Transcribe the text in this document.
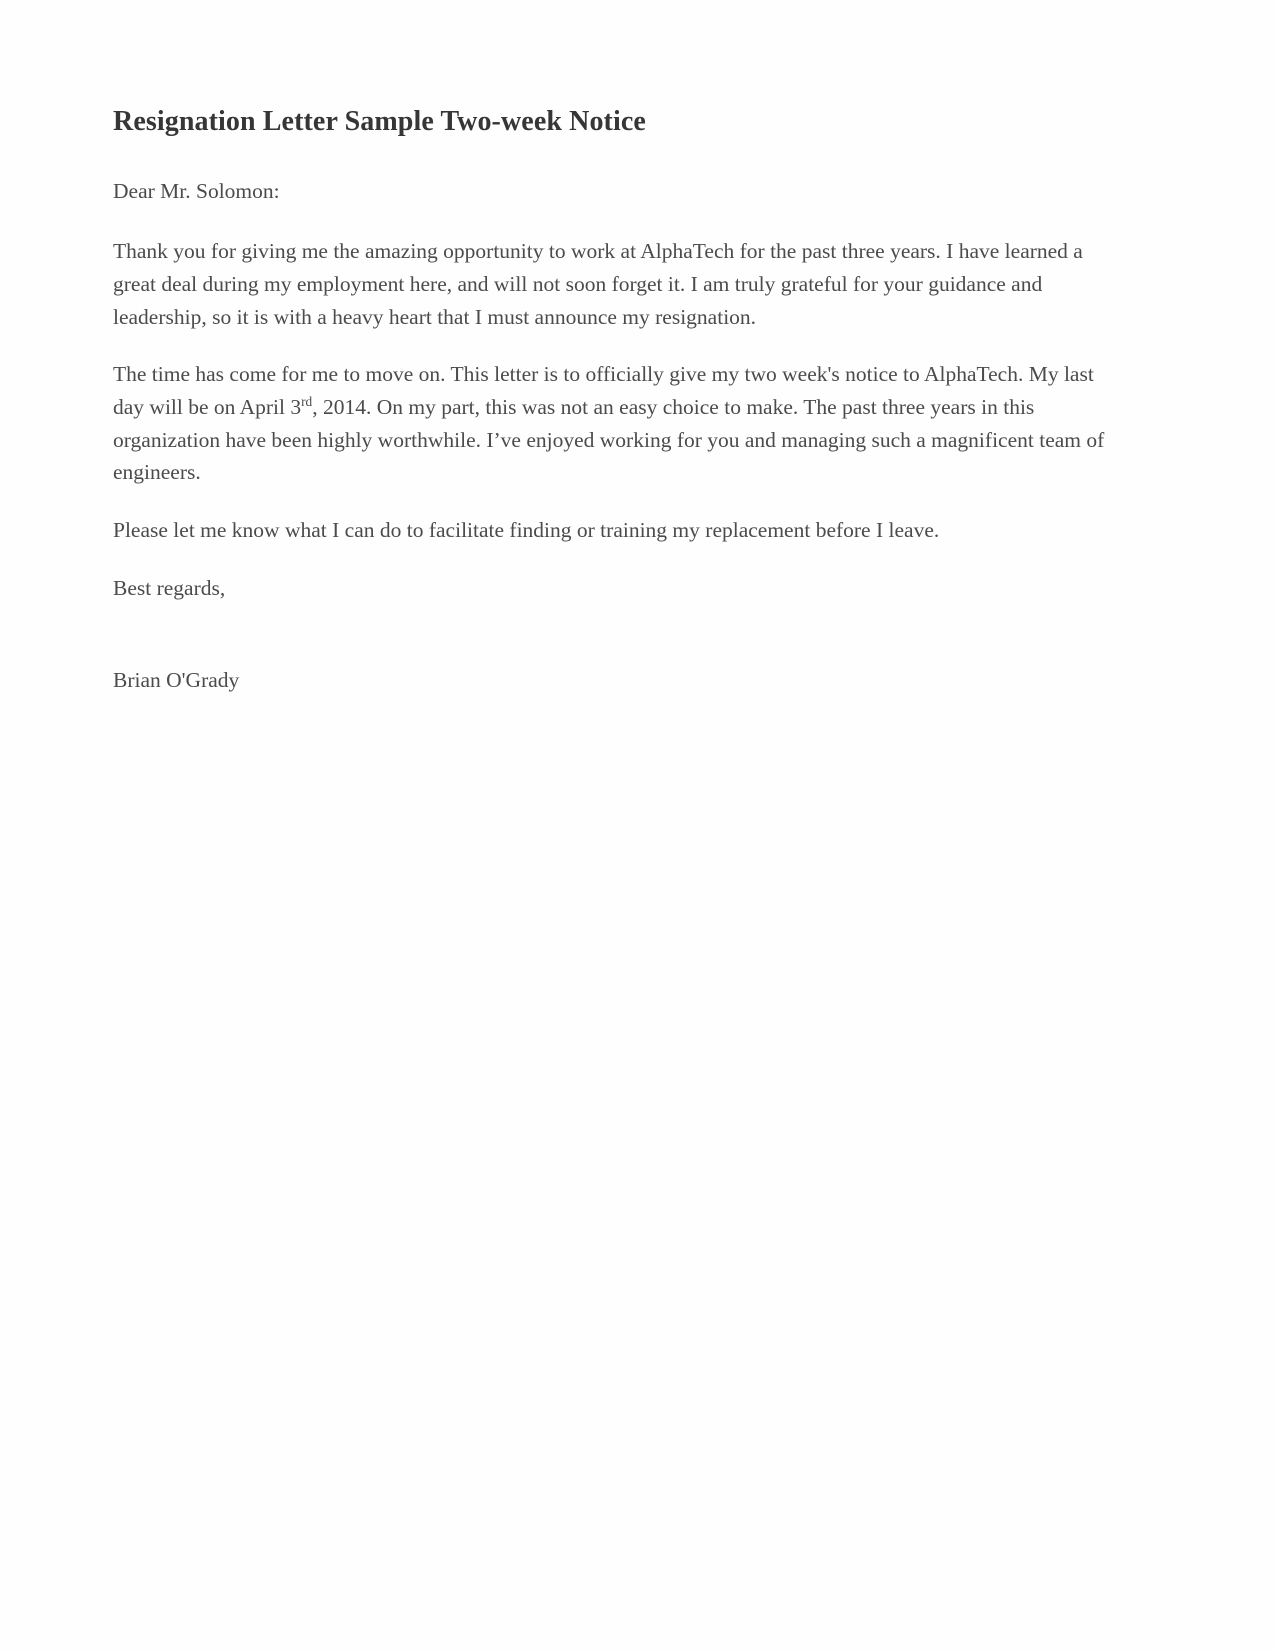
Resignation Letter Sample Two-week Notice

Dear Mr. Solomon:

Thank you for giving me the amazing opportunity to work at AlphaTech for the past three years. I have learned a great deal during my employment here, and will not soon forget it. I am truly grateful for your guidance and leadership, so it is with a heavy heart that I must announce my resignation.

The time has come for me to move on. This letter is to officially give my two week's notice to AlphaTech. My last day will be on April 3rd, 2014. On my part, this was not an easy choice to make. The past three years in this organization have been highly worthwhile. I’ve enjoyed working for you and managing such a magnificent team of engineers.

Please let me know what I can do to facilitate finding or training my replacement before I leave.

Best regards,

Brian O'Grady
